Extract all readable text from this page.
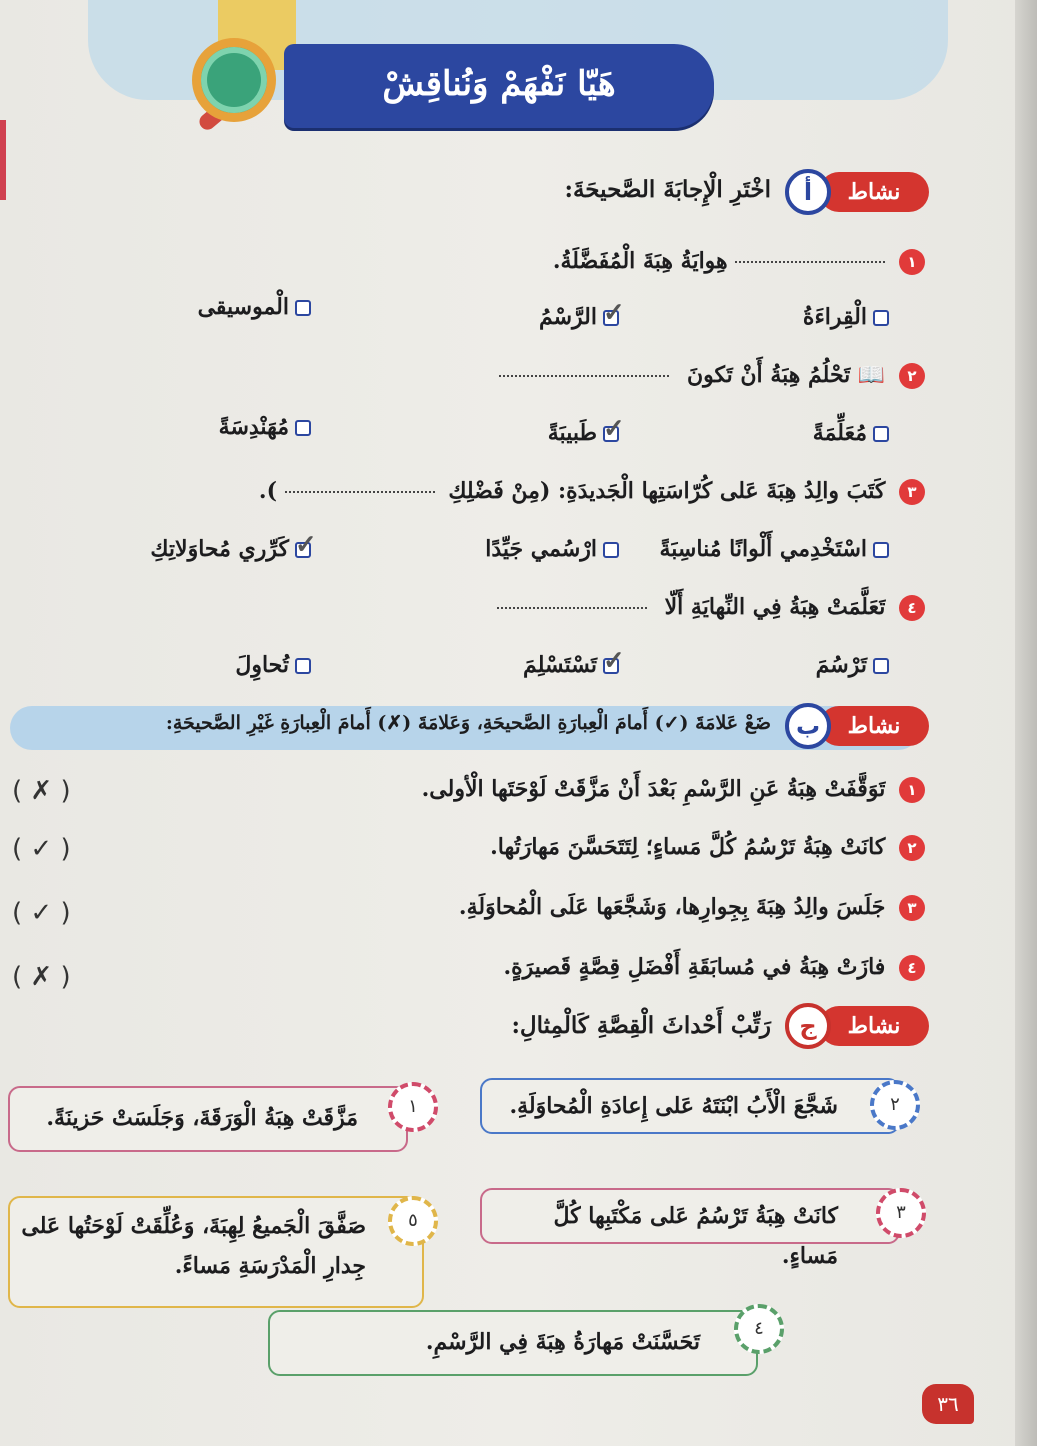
هَيّا نَفْهَمْ وَنُناقِشْ
نشاط
أ
اخْتَرِ الْإِجابَةَ الصَّحيحَةَ:
١  هِوايَةُ هِبَةَ الْمُفَضَّلَةُ.
الْقِراءَةُ
✓الرَّسْمُ
الْموسيقى
٢ 📖 تَحْلُمُ هِبَةُ أَنْ تَكونَ
مُعَلِّمَةً
✓طَبيبَةً
مُهَنْدِسَةً
٣ كَتَبَ والِدُ هِبَةَ عَلى كُرّاسَتِها الْجَديدَةِ: (مِنْ فَضْلِكِ  ).
اسْتَخْدِمي أَلْوانًا مُناسِبَةً
ارْسُمي جَيِّدًا
✓كَرِّري مُحاوَلاتِكِ
٤ تَعَلَّمَتْ هِبَةُ فِي النِّهايَةِ أَلّا
تَرْسُمَ
✓تَسْتَسْلِمَ
تُحاوِلَ
نشاط
ب
ضَعْ عَلامَةَ (✓) أَمامَ الْعِبارَةِ الصَّحيحَةِ، وَعَلامَةَ (✗) أَمامَ الْعِبارَةِ غَيْرِ الصَّحيحَةِ:
١ تَوَقَّفَتْ هِبَةُ عَنِ الرَّسْمِ بَعْدَ أَنْ مَزَّقَتْ لَوْحَتَها الْأولى.
( ✗ )
٢ كانَتْ هِبَةُ تَرْسُمُ كُلَّ مَساءٍ؛ لِتَتَحَسَّنَ مَهارَتُها.
( ✓ )
٣ جَلَسَ والِدُ هِبَةَ بِجِوارِها، وَشَجَّعَها عَلَى الْمُحاوَلَةِ.
( ✓ )
٤ فازَتْ هِبَةُ في مُسابَقَةِ أَفْضَلِ قِصَّةٍ قَصيرَةٍ.
( ✗ )
نشاط
ج
رَتِّبْ أَحْداثَ الْقِصَّةِ كَالْمِثالِ:
شَجَّعَ الْأَبُ ابْنَتَهُ عَلى إِعادَةِ الْمُحاوَلَةِ.	٢
مَزَّقَتْ هِبَةُ الْوَرَقَةَ، وَجَلَسَتْ حَزينَةً.	١
كانَتْ هِبَةُ تَرْسُمُ عَلى مَكْتَبِها كُلَّ مَساءٍ.
٣
صَفَّقَ الْجَميعُ لِهِبَةَ، وَعُلِّقَتْ لَوْحَتُها عَلى جِدارِ الْمَدْرَسَةِ مَساءً.
٥
تَحَسَّنَتْ مَهارَةُ هِبَةَ فِي الرَّسْمِ.
٤
٣٦
